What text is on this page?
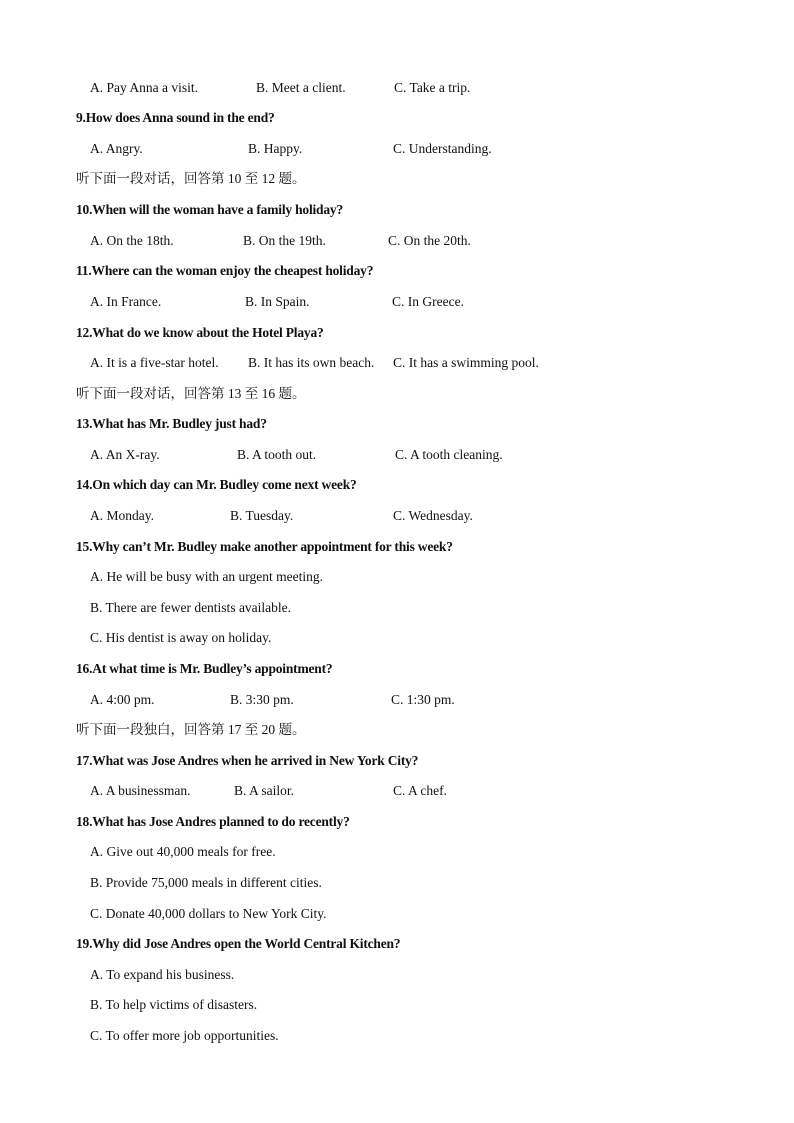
A. Pay Anna a visit.	B. Meet a client.	C. Take a trip.
9.How does Anna sound in the end?
A. Angry.	B. Happy.	C. Understanding.
听下面一段对话，回答第 10 至 12 题。
10.When will the woman have a family holiday?
A. On the 18th.	B. On the 19th.	C. On the 20th.
11.Where can the woman enjoy the cheapest holiday?
A. In France.	B. In Spain.	C. In Greece.
12.What do we know about the Hotel Playa?
A. It is a five-star hotel. B. It has its own beach. C. It has a swimming pool.
听下面一段对话，回答第 13 至 16 题。
13.What has Mr. Budley just had?
A. An X-ray.	B. A tooth out.	C. A tooth cleaning.
14.On which day can Mr. Budley come next week?
A. Monday.	B. Tuesday.	C. Wednesday.
15.Why can’t Mr. Budley make another appointment for this week?
A. He will be busy with an urgent meeting.
B. There are fewer dentists available.
C. His dentist is away on holiday.
16.At what time is Mr. Budley’s appointment?
A. 4:00 pm.	B. 3:30 pm.	C. 1:30 pm.
听下面一段独白，回答第 17 至 20 题。
17.What was Jose Andres when he arrived in New York City?
A. A businessman.	B. A sailor.	C. A chef.
18.What has Jose Andres planned to do recently?
A. Give out 40,000 meals for free.
B. Provide 75,000 meals in different cities.
C. Donate 40,000 dollars to New York City.
19.Why did Jose Andres open the World Central Kitchen?
A. To expand his business.
B. To help victims of disasters.
C. To offer more job opportunities.
